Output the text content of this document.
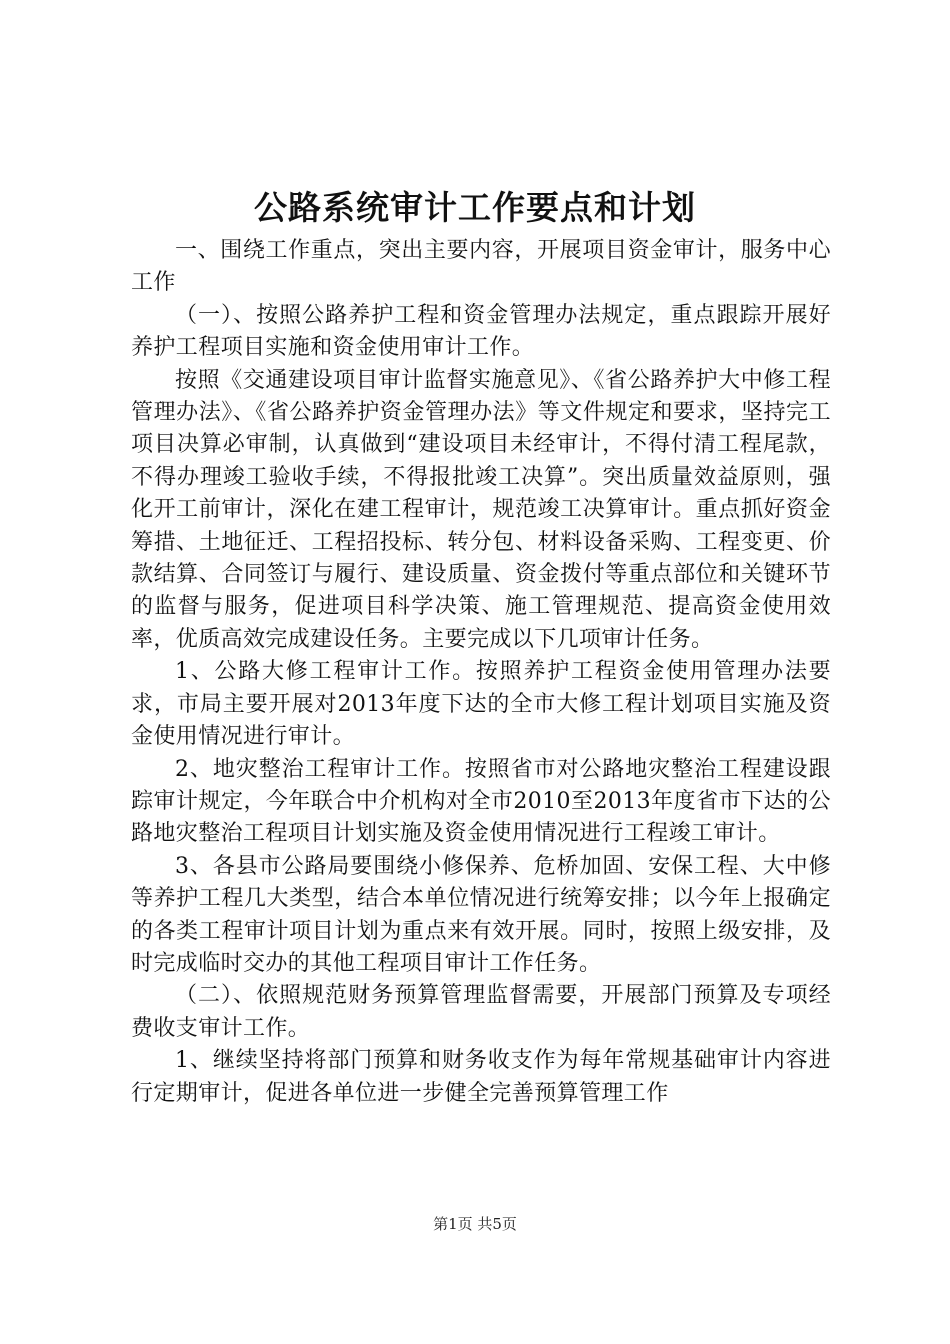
公路系统审计工作要点和计划

一、围绕工作重点，突出主要内容，开展项目资金审计，服务中心工作

（一）、按照公路养护工程和资金管理办法规定，重点跟踪开展好养护工程项目实施和资金使用审计工作。

按照《交通建设项目审计监督实施意见》、《省公路养护大中修工程管理办法》、《省公路养护资金管理办法》等文件规定和要求，坚持完工项目决算必审制，认真做到“建设项目未经审计，不得付清工程尾款，不得办理竣工验收手续，不得报批竣工决算”。突出质量效益原则，强化开工前审计，深化在建工程审计，规范竣工决算审计。重点抓好资金筹措、土地征迁、工程招投标、转分包、材料设备采购、工程变更、价款结算、合同签订与履行、建设质量、资金拨付等重点部位和关键环节的监督与服务，促进项目科学决策、施工管理规范、提高资金使用效率，优质高效完成建设任务。主要完成以下几项审计任务。

1、公路大修工程审计工作。按照养护工程资金使用管理办法要求，市局主要开展对2013年度下达的全市大修工程计划项目实施及资金使用情况进行审计。

2、地灾整治工程审计工作。按照省市对公路地灾整治工程建设跟踪审计规定，今年联合中介机构对全市2010至2013年度省市下达的公路地灾整治工程项目计划实施及资金使用情况进行工程竣工审计。

3、各县市公路局要围绕小修保养、危桥加固、安保工程、大中修等养护工程几大类型，结合本单位情况进行统筹安排；以今年上报确定的各类工程审计项目计划为重点来有效开展。同时，按照上级安排，及时完成临时交办的其他工程项目审计工作任务。

（二）、依照规范财务预算管理监督需要，开展部门预算及专项经费收支审计工作。

1、继续坚持将部门预算和财务收支作为每年常规基础审计内容进行定期审计，促进各单位进一步健全完善预算管理工作

第1页 共5页
